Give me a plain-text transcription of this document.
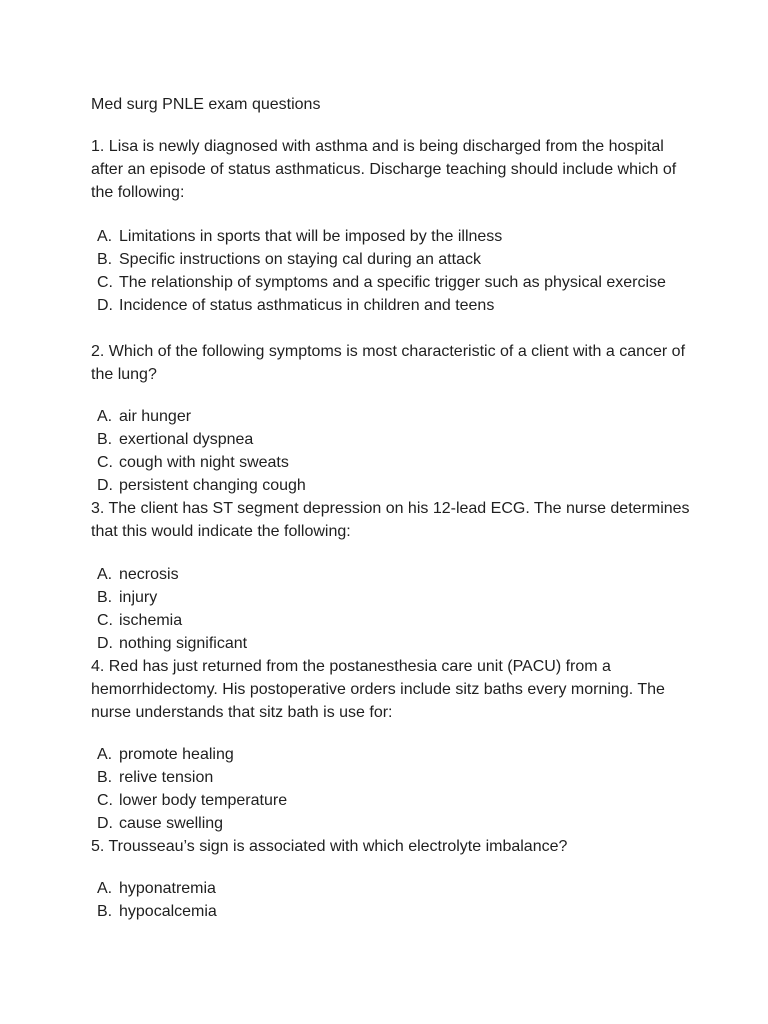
Med surg PNLE exam questions

1. Lisa is newly diagnosed with asthma and is being discharged from the hospital after an episode of status asthmaticus. Discharge teaching should include which of the following:

A. Limitations in sports that will be imposed by the illness
B. Specific instructions on staying cal during an attack
C. The relationship of symptoms and a specific trigger such as physical exercise
D. Incidence of status asthmaticus in children and teens

2. Which of the following symptoms is most characteristic of a client with a cancer of the lung?

A. air hunger
B. exertional dyspnea
C. cough with night sweats
D. persistent changing cough

3. The client has ST segment depression on his 12-lead ECG. The nurse determines that this would indicate the following:

A. necrosis
B. injury
C. ischemia
D. nothing significant

4. Red has just returned from the postanesthesia care unit (PACU) from a hemorrhidectomy. His postoperative orders include sitz baths every morning. The nurse understands that sitz bath is use for:

A. promote healing
B. relive tension
C. lower body temperature
D. cause swelling

5. Trousseau’s sign is associated with which electrolyte imbalance?

A. hyponatremia
B. hypocalcemia
